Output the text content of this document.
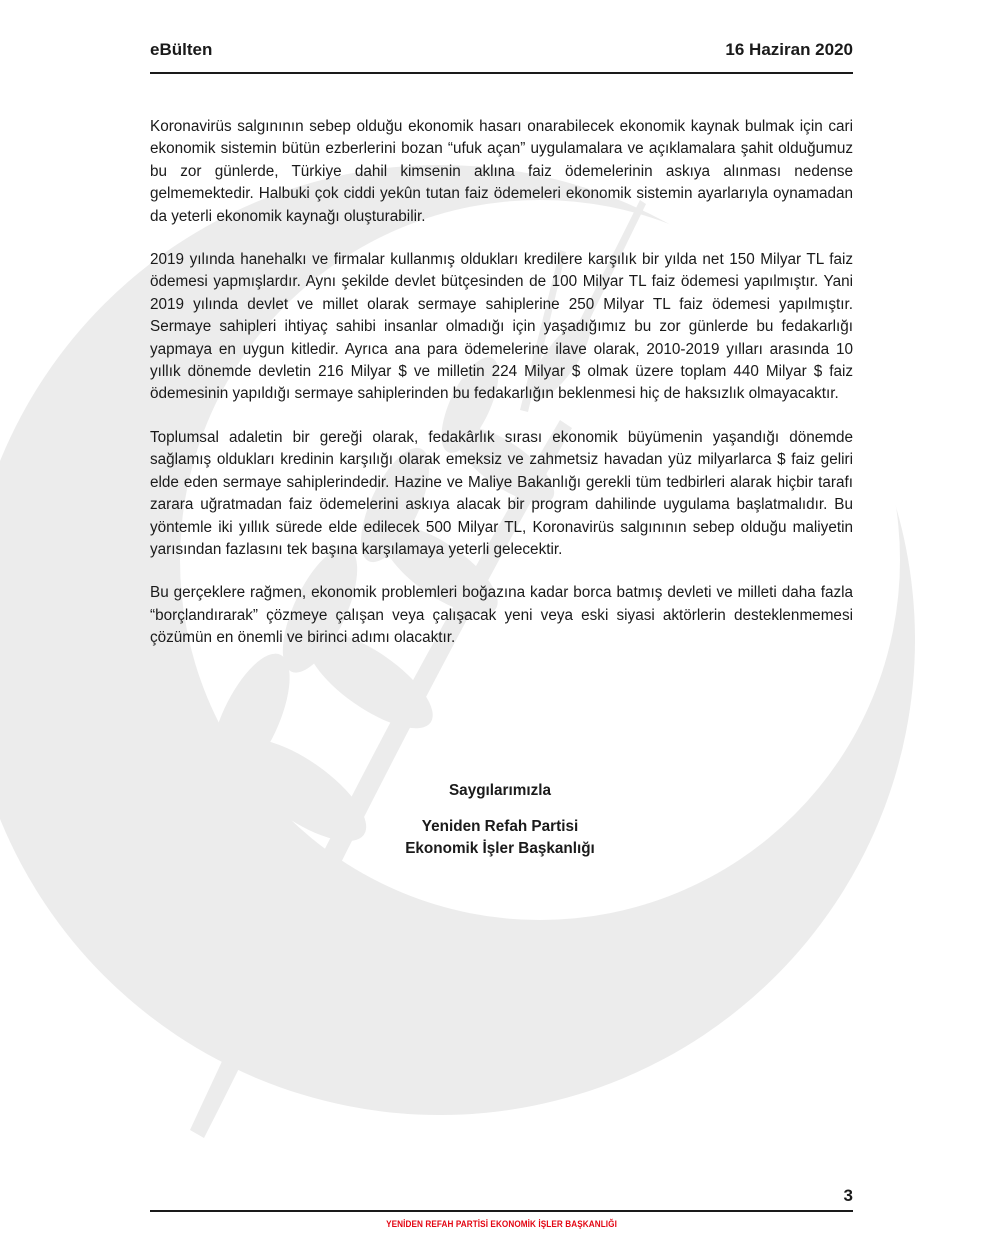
eBülten	16 Haziran 2020

Koronavirüs salgınının sebep olduğu ekonomik hasarı onarabilecek ekonomik kaynak bulmak için cari ekonomik sistemin bütün ezberlerini bozan “ufuk açan” uygulamalara ve açıklamalara şahit olduğumuz bu zor günlerde, Türkiye dahil kimsenin aklına faiz ödemelerinin askıya alınması nedense gelmemektedir. Halbuki çok ciddi yekûn tutan faiz ödemeleri ekonomik sistemin ayarlarıyla oynamadan da yeterli ekonomik kaynağı oluşturabilir.

2019 yılında hanehalkı ve firmalar kullanmış oldukları kredilere karşılık bir yılda net 150 Milyar TL faiz ödemesi yapmışlardır. Aynı şekilde devlet bütçesinden de 100 Milyar TL faiz ödemesi yapılmıştır. Yani 2019 yılında devlet ve millet olarak sermaye sahiplerine 250 Milyar TL faiz ödemesi yapılmıştır. Sermaye sahipleri ihtiyaç sahibi insanlar olmadığı için yaşadığımız bu zor günlerde bu fedakarlığı yapmaya en uygun kitledir. Ayrıca ana para ödemelerine ilave olarak, 2010-2019 yılları arasında 10 yıllık dönemde devletin 216 Milyar $ ve milletin 224 Milyar $ olmak üzere toplam 440 Milyar $ faiz ödemesinin yapıldığı sermaye sahiplerinden bu fedakarlığın beklenmesi hiç de haksızlık olmayacaktır.

Toplumsal adaletin bir gereği olarak, fedakârlık sırası ekonomik büyümenin yaşandığı dönemde sağlamış oldukları kredinin karşılığı olarak emeksiz ve zahmetsiz havadan yüz milyarlarca $ faiz geliri elde eden sermaye sahiplerindedir. Hazine ve Maliye Bakanlığı gerekli tüm tedbirleri alarak hiçbir tarafı zarara uğratmadan faiz ödemelerini askıya alacak bir program dahilinde uygulama başlatmalıdır. Bu yöntemle iki yıllık sürede elde edilecek 500 Milyar TL, Koronavirüs salgınının sebep olduğu maliyetin yarısından fazlasını tek başına karşılamaya yeterli gelecektir.

Bu gerçeklere rağmen, ekonomik problemleri boğazına kadar borca batmış devleti ve milleti daha fazla “borçlandırarak” çözmeye çalışan veya çalışacak yeni veya eski siyasi aktörlerin desteklenmemesi çözümün en önemli ve birinci adımı olacaktır.

Saygılarımızla
Yeniden Refah Partisi
Ekonomik İşler Başkanlığı
3
YENİDEN REFAH PARTİSİ EKONOMİK İŞLER BAŞKANLIĞI
